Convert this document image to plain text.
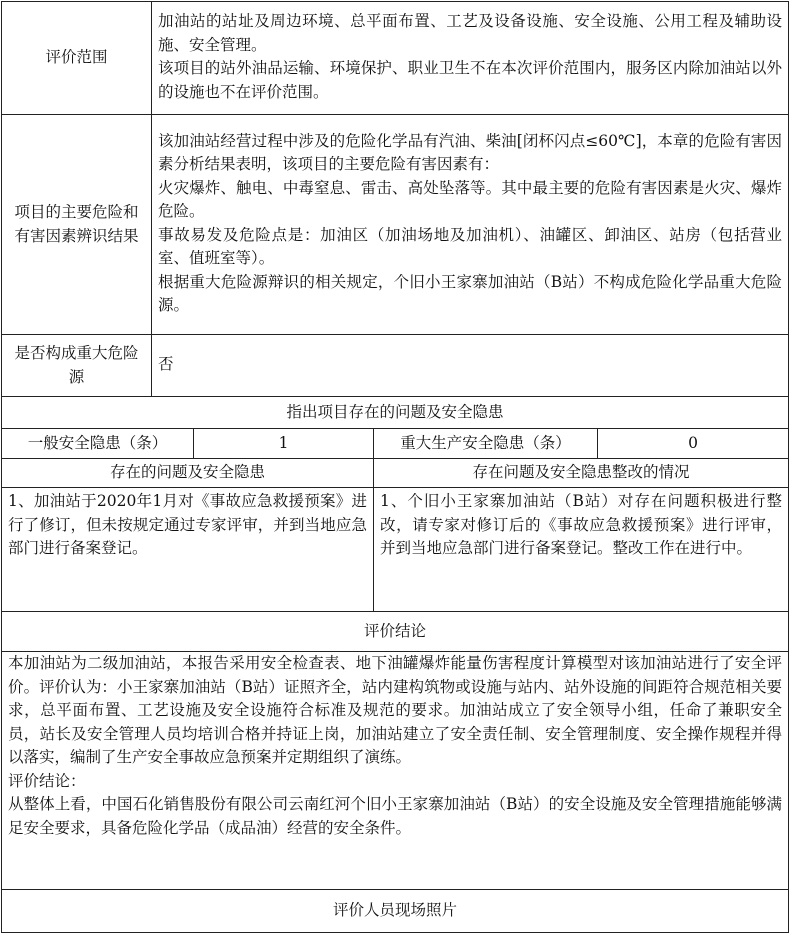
评价范围	加油站的站址及周边环境、总平面布置、工艺及设备设施、安全设施、公用工程及辅助设施、安全管理。
该项目的站外油品运输、环境保护、职业卫生不在本次评价范围内，服务区内除加油站以外的设施也不在评价范围。			

项目的主要危险和有害因素辨识结果	该加油站经营过程中涉及的危险化学品有汽油、柴油[闭杯闪点≤60℃]，本章的危险有害因素分析结果表明，该项目的主要危险有害因素有：
火灾爆炸、触电、中毒窒息、雷击、高处坠落等。其中最主要的危险有害因素是火灾、爆炸危险。
事故易发及危险点是：加油区（加油场地及加油机）、油罐区、卸油区、站房（包括营业室、值班室等）。
根据重大危险源辩识的相关规定，个旧小王家寨加油站（B站）不构成危险化学品重大危险源。			

是否构成重大危险源	否			
指出项目存在的问题及安全隐患				
一般安全隐患（条）		1	重大生产安全隐患（条）	0
存在的问题及安全隐患			存在问题及安全隐患整改的情况	
1、加油站于2020年1月对《事故应急救援预案》进行了修订，但未按规定通过专家评审，并到当地应急部门进行备案登记。			1、个旧小王家寨加油站（B站）对存在问题积极进行整改，请专家对修订后的《事故应急救援预案》进行评审，并到当地应急部门进行备案登记。整改工作在进行中。	
评价结论				

本加油站为二级加油站，本报告采用安全检查表、地下油罐爆炸能量伤害程度计算模型对该加油站进行了安全评价。评价认为：小王家寨加油站（B站）证照齐全，站内建构筑物或设施与站内、站外设施的间距符合规范相关要求，总平面布置、工艺设施及安全设施符合标准及规范的要求。加油站成立了安全领导小组，任命了兼职安全员，站长及安全管理人员均培训合格并持证上岗，加油站建立了安全责任制、安全管理制度、安全操作规程并得以落实，编制了生产安全事故应急预案并定期组织了演练。
评价结论：
从整体上看，中国石化销售股份有限公司云南红河个旧小王家寨加油站（B站）的安全设施及安全管理措施能够满足安全要求，具备危险化学品（成品油）经营的安全条件。				

评价人员现场照片				
